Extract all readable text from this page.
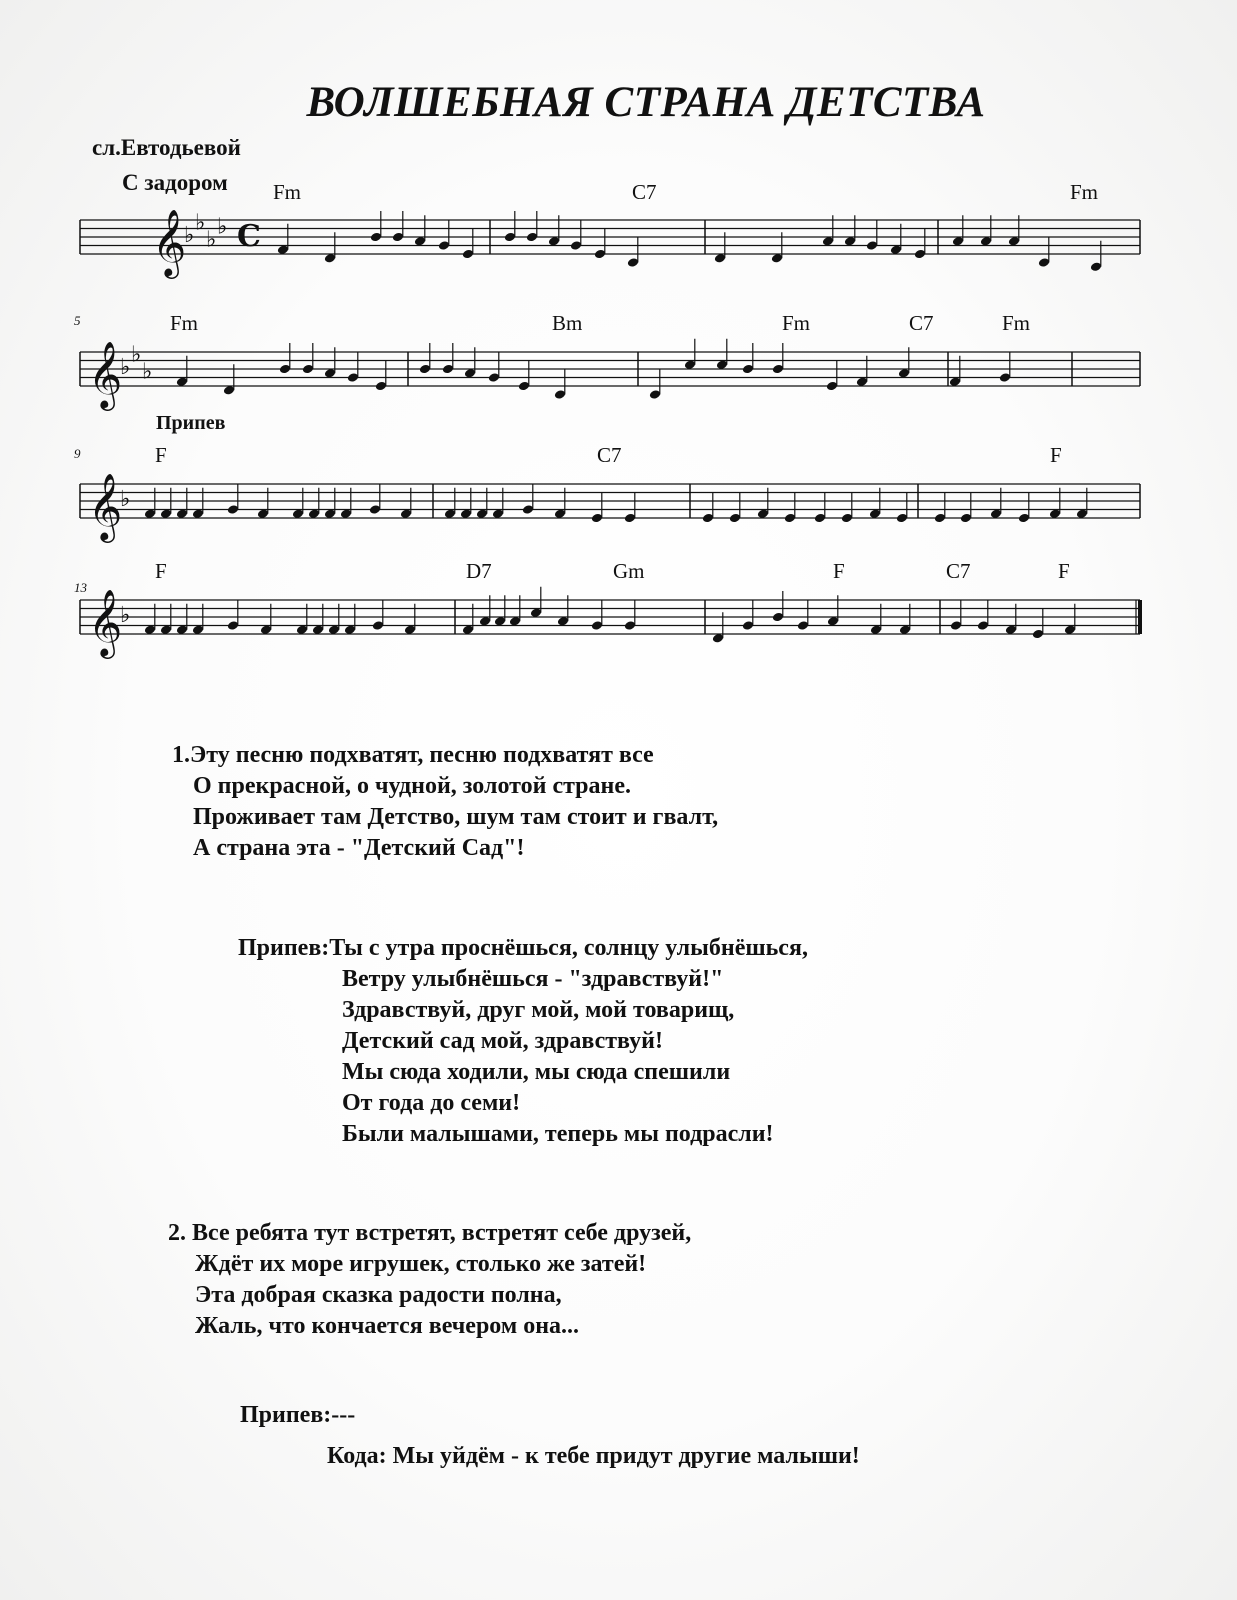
ВОЛШЕБНАЯ СТРАНА ДЕТСТВА
сл.Евтодьевой
С задором Fm	C7	Fm
Fm	Bm	Fm	C7	Fm
F	C7	F
F	D7	Gm	F	C7	F
5
9
13
Припев
𝄞
♭
♭
♭
♭ C
𝄞
♭
♭
♭
𝄞
♭
𝄞
♭
1.Эту песню подхватят, песню подхватят все
О прекрасной, о чудной, золотой стране.
Проживает там Детство, шум там стоит и гвалт,
А страна эта - "Детский Сад"!
Припев:Ты с утра проснёшься, солнцу улыбнёшься,
Ветру улыбнёшься - "здравствуй!"
Здравствуй, друг мой, мой товарищ,
Детский сад мой, здравствуй!
Мы сюда ходили, мы сюда спешили
От года до семи!
Были малышами, теперь мы подрасли!
2. Все ребята тут встретят, встретят себе друзей,
Ждёт их море игрушек, столько же затей!
Эта добрая сказка радости полна,
Жаль, что кончается вечером она...
Припев:---
Кода: Мы уйдём - к тебе придут другие малыши!
